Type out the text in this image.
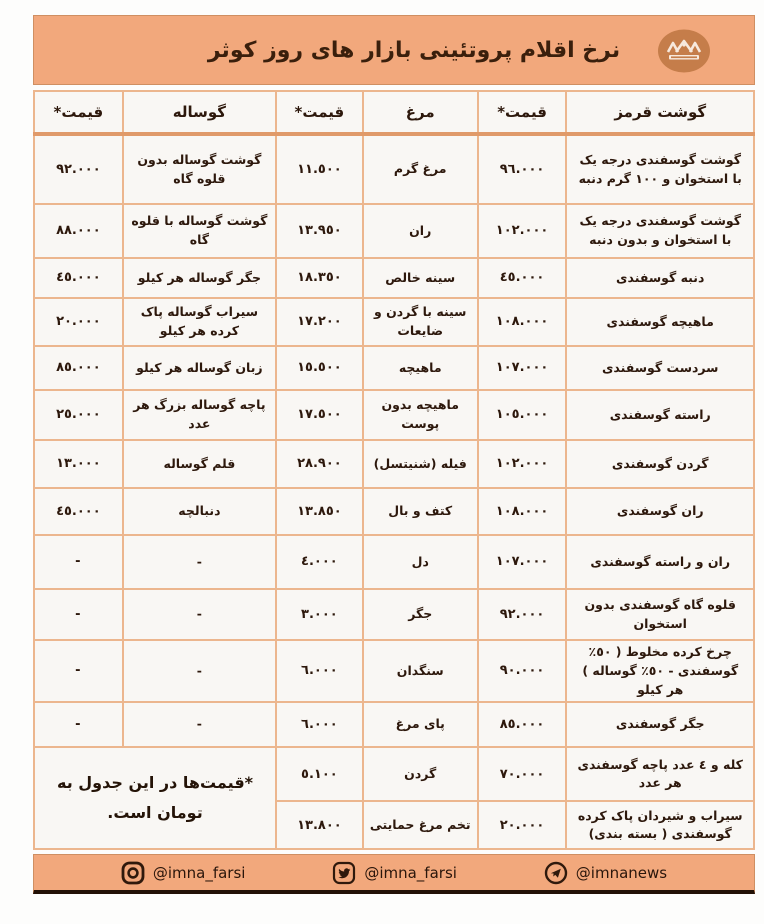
نرخ اقلام پروتئینی بازار های روز کوثر
گوشت قرمز	قیمت*	مرغ	قیمت*	گوساله	قیمت*
گوشت گوسفندی درجه یک با استخوان و ١٠٠ گرم دنبه	٩٦.٠٠٠	مرغ گرم	١١.٥٠٠	گوشت گوساله بدون قلوه گاه	٩٢.٠٠٠
گوشت گوسفندی درجه یک با استخوان و بدون دنبه	١٠٢.٠٠٠	ران	١٣.٩٥٠	گوشت گوساله با قلوه گاه	٨٨.٠٠٠
دنبه گوسفندی	٤٥.٠٠٠	سینه خالص	١٨.٣٥٠	جگر گوساله هر کیلو	٤٥.٠٠٠
ماهیچه گوسفندی	١٠٨.٠٠٠	سینه با گردن و ضایعات	١٧.٢٠٠	سیراب گوساله پاک کرده هر کیلو	٢٠.٠٠٠
سردست گوسفندی	١٠٧.٠٠٠	ماهیچه	١٥.٥٠٠	زبان گوساله هر کیلو	٨٥.٠٠٠
راسته گوسفندی	١٠٥.٠٠٠	ماهیچه بدون پوست	١٧.٥٠٠	پاچه گوساله بزرگ هر عدد	٢٥.٠٠٠
گردن گوسفندی	١٠٢.٠٠٠	فیله (شنیتسل)	٢٨.٩٠٠	قلم گوساله	١٣.٠٠٠
ران گوسفندی	١٠٨.٠٠٠	کتف و بال	١٣.٨٥٠	دنبالچه	٤٥.٠٠٠
ران و راسته گوسفندی	١٠٧.٠٠٠	دل	٤.٠٠٠	-	-
قلوه گاه گوسفندی بدون استخوان	٩٢.٠٠٠	جگر	٣.٠٠٠	-	-
چرخ کرده مخلوط ( ٥٠٪ گوسفندی - ٥٠٪ گوساله ) هر کیلو	٩٠.٠٠٠	سنگدان	٦.٠٠٠	-	-
جگر گوسفندی	٨٥.٠٠٠	پای مرغ	٦.٠٠٠	-	-
کله و ٤ عدد پاچه گوسفندی هر عدد	٧٠.٠٠٠	گردن	٥.١٠٠	*قیمت‌ها در این جدول به تومان است.	
سیراب و شیردان پاک کرده گوسفندی ( بسته بندی)	٢٠.٠٠٠	تخم مرغ حمایتی	١٣.٨٠٠		
@imna_farsi	@imna_farsi	@imnanews
